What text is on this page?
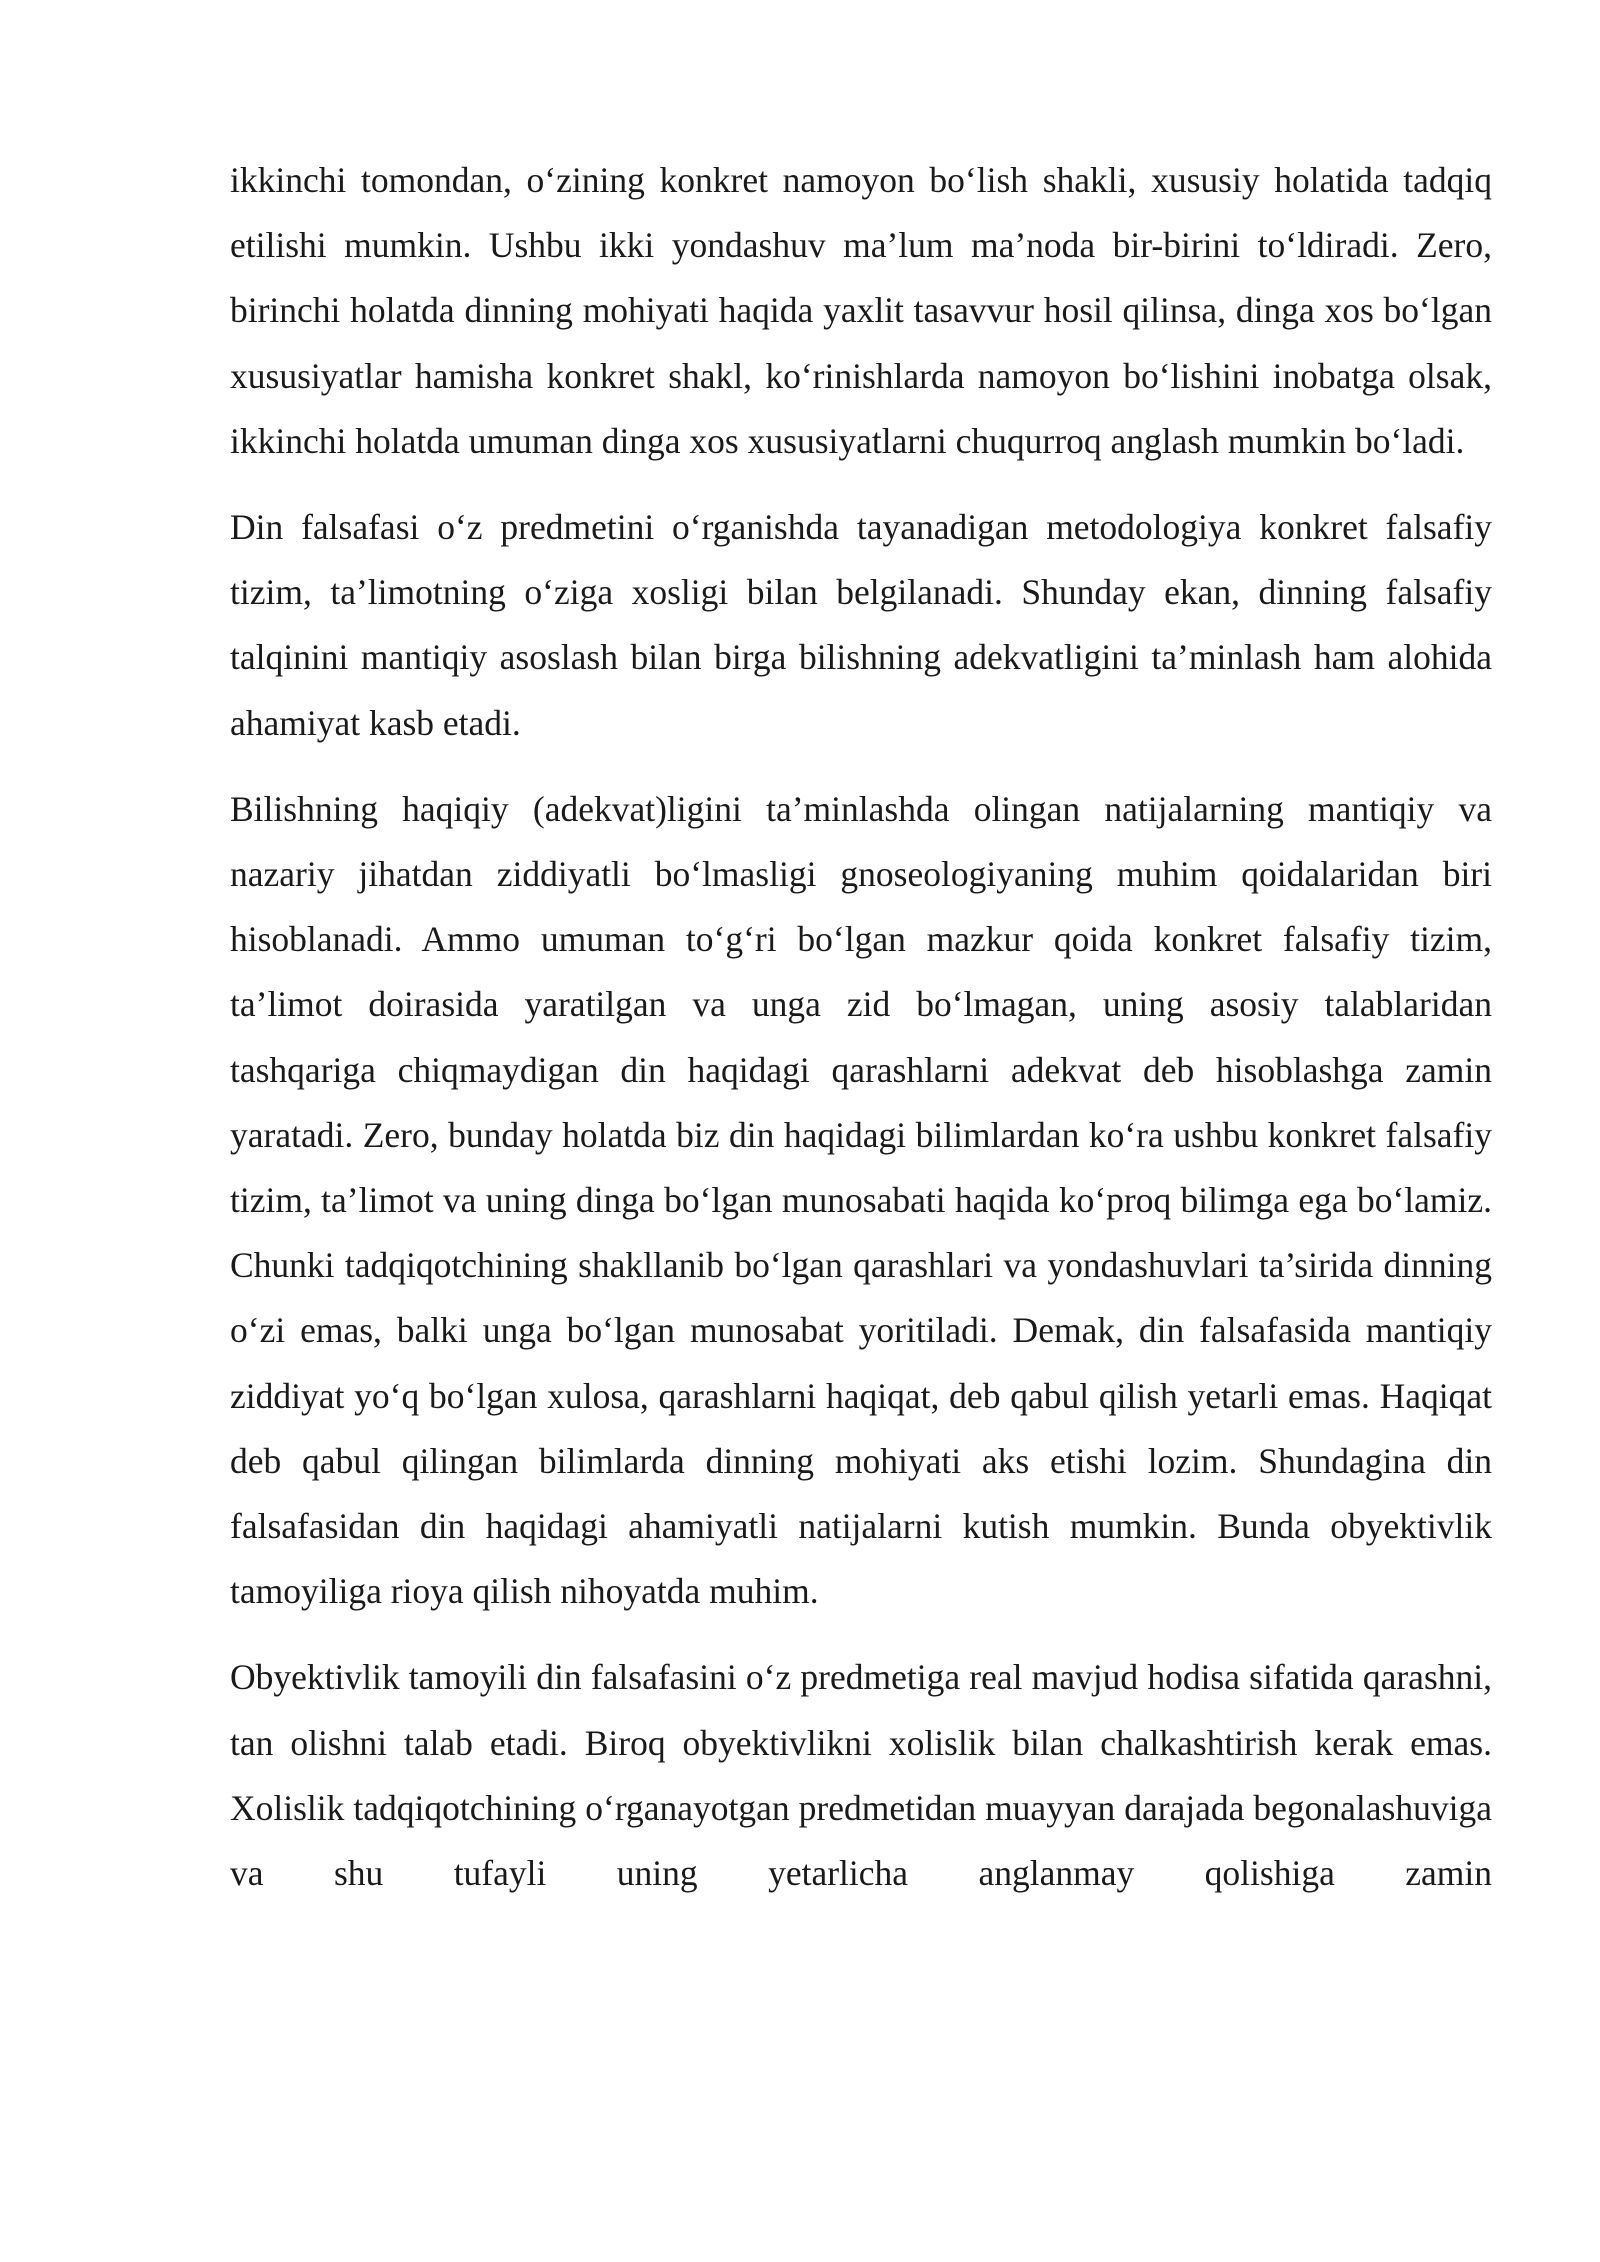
ikkinchi tomondan, o‘zining konkret namoyon bo‘lish shakli, xususiy holatida tadqiq etilishi mumkin. Ushbu ikki yondashuv ma’lum ma’noda bir-birini to‘ldiradi. Zero, birinchi holatda dinning mohiyati haqida yaxlit tasavvur hosil qilinsa, dinga xos bo‘lgan xususiyatlar hamisha konkret shakl, ko‘rinishlarda namoyon bo‘lishini inobatga olsak, ikkinchi holatda umuman dinga xos xususiyatlarni chuqurroq anglash mumkin bo‘ladi.

Din falsafasi o‘z predmetini o‘rganishda tayanadigan metodologiya konkret falsafiy tizim, ta’limotning o‘ziga xosligi bilan belgilanadi. Shunday ekan, dinning falsafiy talqinini mantiqiy asoslash bilan birga bilishning adekvatligini ta’minlash ham alohida ahamiyat kasb etadi.

Bilishning haqiqiy (adekvat)ligini ta’minlashda olingan natijalarning mantiqiy va nazariy jihatdan ziddiyatli bo‘lmasligi gnoseologiyaning muhim qoidalaridan biri hisoblanadi. Ammo umuman to‘g‘ri bo‘lgan mazkur qoida konkret falsafiy tizim, ta’limot doirasida yaratilgan va unga zid bo‘lmagan, uning asosiy talablaridan tashqariga chiqmaydigan din haqidagi qarashlarni adekvat deb hisoblashga zamin yaratadi. Zero, bunday holatda biz din haqidagi bilimlardan ko‘ra ushbu konkret falsafiy tizim, ta’limot va uning dinga bo‘lgan munosabati haqida ko‘proq bilimga ega bo‘lamiz. Chunki tadqiqotchining shakllanib bo‘lgan qarashlari va yondashuvlari ta’sirida dinning o‘zi emas, balki unga bo‘lgan munosabat yoritiladi. Demak, din falsafasida mantiqiy ziddiyat yo‘q bo‘lgan xulosa, qarashlarni haqiqat, deb qabul qilish yetarli emas. Haqiqat deb qabul qilingan bilimlarda dinning mohiyati aks etishi lozim. Shundagina din falsafasidan din haqidagi ahamiyatli natijalarni kutish mumkin. Bunda obyektivlik tamoyiliga rioya qilish nihoyatda muhim.

Obyektivlik tamoyili din falsafasini o‘z predmetiga real mavjud hodisa sifatida qarashni, tan olishni talab etadi. Biroq obyektivlikni xolislik bilan chalkashtirish kerak emas. Xolislik tadqiqotchining o‘rganayotgan predmetidan muayyan darajada begonalashuviga va shu tufayli uning yetarlicha anglanmay qolishiga zamin
